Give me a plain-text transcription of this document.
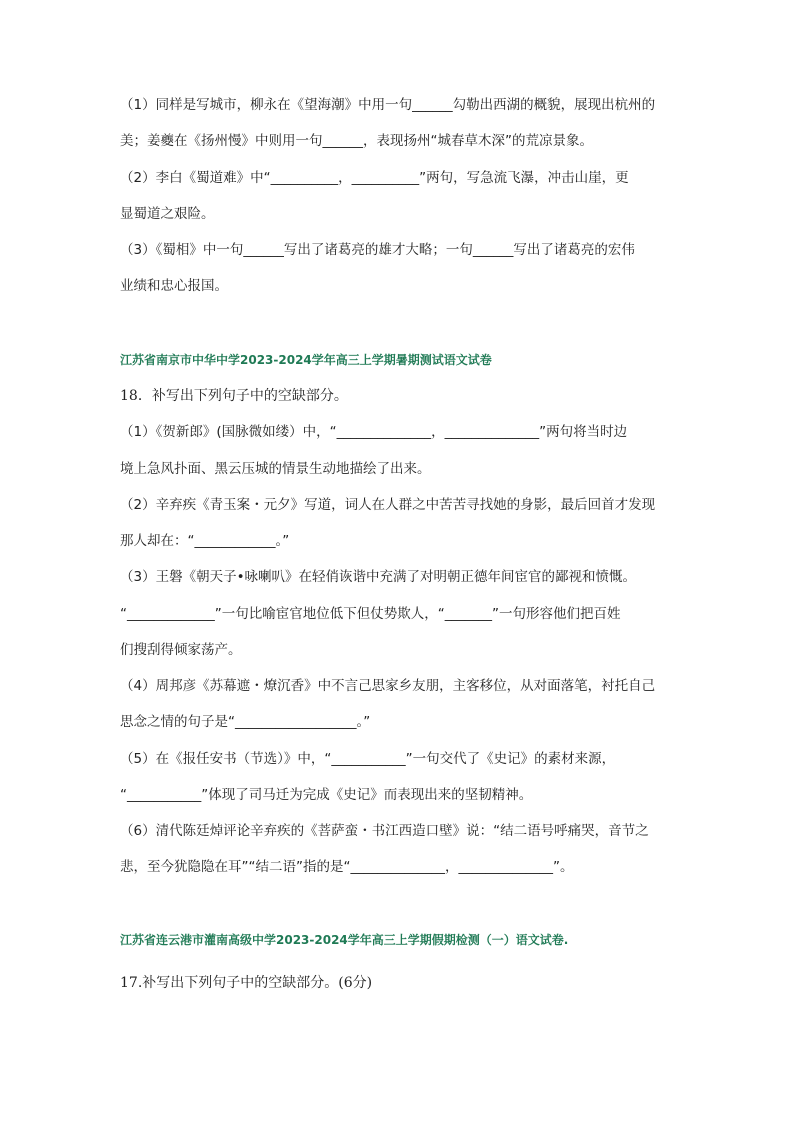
（1）同样是写城市，柳永在《望海潮》中用一句______勾勒出西湖的概貌，展现出杭州的
美；姜夔在《扬州慢》中则用一句______，表现扬州“城春草木深”的荒凉景象。
（2）李白《蜀道难》中“__________，__________”两句，写急流飞瀑，冲击山崖，更
显蜀道之艰险。
（3）《蜀相》中一句______写出了诸葛亮的雄才大略；一句______写出了诸葛亮的宏伟
业绩和忠心报国。
江苏省南京市中华中学2023-2024学年高三上学期暑期测试语文试卷
18．补写出下列句子中的空缺部分。
（1）《贺新郎》(国脉微如缕）中，“______________，______________”两句将当时边
境上急风扑面、黑云压城的情景生动地描绘了出来。
（2）辛弃疾《青玉案・元夕》写道，词人在人群之中苦苦寻找她的身影，最后回首才发现
那人却在：“____________。”
（3）王磐《朝天子•咏喇叭》在轻俏诙谐中充满了对明朝正德年间宦官的鄙视和愤慨。
“_____________”一句比喻宦官地位低下但仗势欺人，“_______”一句形容他们把百姓
们搜刮得倾家荡产。
（4）周邦彦《苏幕遮・燎沉香》中不言己思家乡友朋，主客移位，从对面落笔，衬托自己
思念之情的句子是“__________________。”
（5）在《报任安书（节选）》中，“___________”一句交代了《史记》的素材来源，
“___________”体现了司马迁为完成《史记》而表现出来的坚韧精神。
（6）清代陈廷焯评论辛弃疾的《菩萨蛮・书江西造口壁》说：“结二语号呼痛哭，音节之
悲，至今犹隐隐在耳”“结二语”指的是“______________，______________”。
江苏省连云港市灌南高级中学2023-2024学年高三上学期假期检测（一）语文试卷.
17.补写出下列句子中的空缺部分。(6分)
